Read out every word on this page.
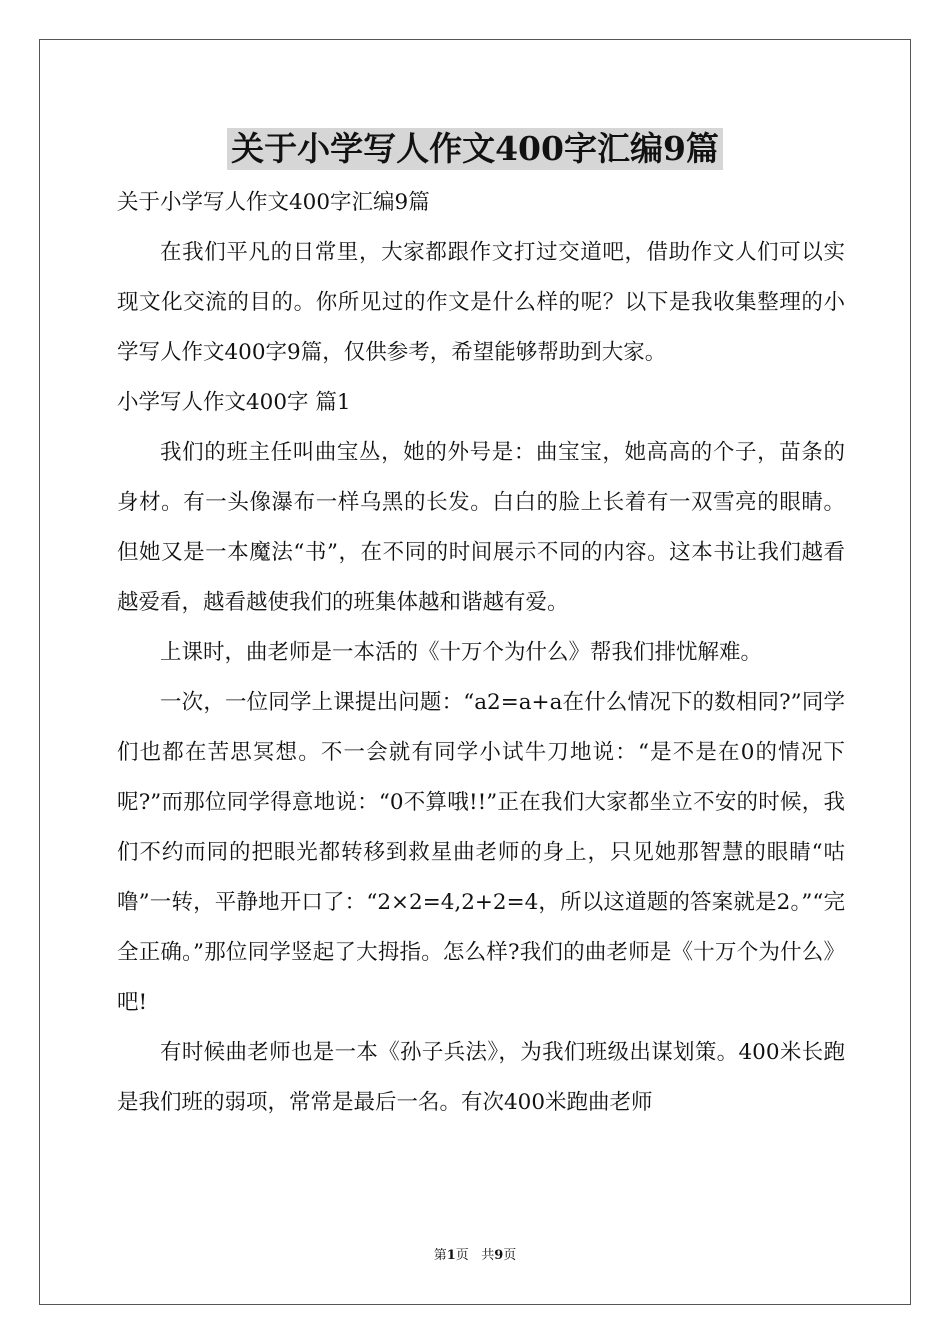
关于小学写人作文400字汇编9篇

关于小学写人作文400字汇编9篇

在我们平凡的日常里，大家都跟作文打过交道吧，借助作文人们可以实现文化交流的目的。你所见过的作文是什么样的呢？以下是我收集整理的小学写人作文400字9篇，仅供参考，希望能够帮助到大家。

小学写人作文400字 篇1

我们的班主任叫曲宝丛，她的外号是：曲宝宝，她高高的个子，苗条的身材。有一头像瀑布一样乌黑的长发。白白的脸上长着有一双雪亮的眼睛。但她又是一本魔法“书”，在不同的时间展示不同的内容。这本书让我们越看越爱看，越看越使我们的班集体越和谐越有爱。

上课时，曲老师是一本活的《十万个为什么》帮我们排忧解难。

一次，一位同学上课提出问题：“a2=a+a在什么情况下的数相同?”同学们也都在苦思冥想。不一会就有同学小试牛刀地说：“是不是在0的情况下呢?”而那位同学得意地说：“0不算哦!!”正在我们大家都坐立不安的时候，我们不约而同的把眼光都转移到救星曲老师的身上，只见她那智慧的眼睛“咕噜”一转，平静地开口了：“2×2=4,2+2=4，所以这道题的答案就是2。”“完全正确。”那位同学竖起了大拇指。怎么样?我们的曲老师是《十万个为什么》吧!

有时候曲老师也是一本《孙子兵法》，为我们班级出谋划策。400米长跑是我们班的弱项，常常是最后一名。有次400米跑曲老师

第1页   共9页
